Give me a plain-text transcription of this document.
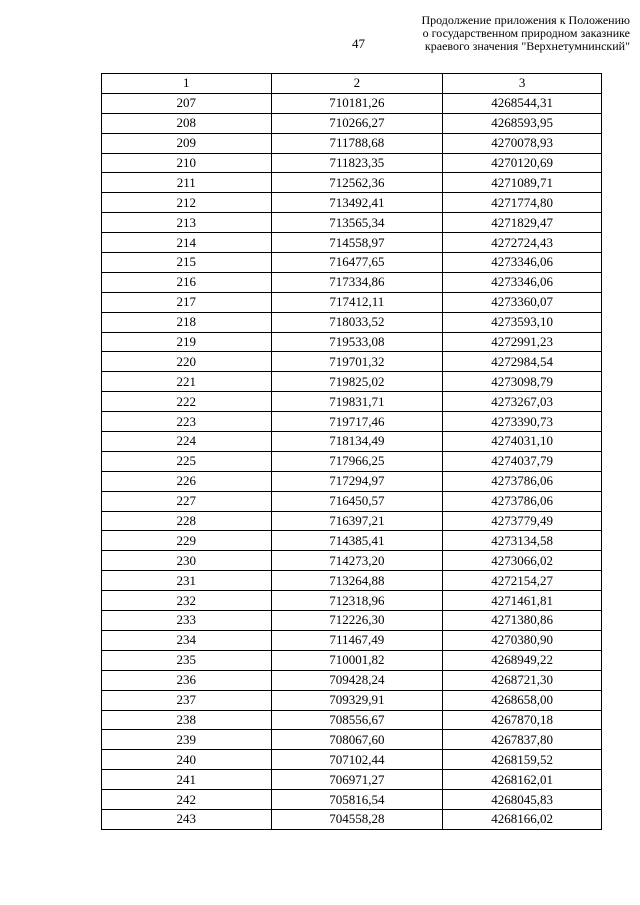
47
Продолжение приложения к Положению
о государственном природном заказнике
краевого значения "Верхнетумнинский"
1	2	3
207	710181,26	4268544,31
208	710266,27	4268593,95
209	711788,68	4270078,93
210	711823,35	4270120,69
211	712562,36	4271089,71
212	713492,41	4271774,80
213	713565,34	4271829,47
214	714558,97	4272724,43
215	716477,65	4273346,06
216	717334,86	4273346,06
217	717412,11	4273360,07
218	718033,52	4273593,10
219	719533,08	4272991,23
220	719701,32	4272984,54
221	719825,02	4273098,79
222	719831,71	4273267,03
223	719717,46	4273390,73
224	718134,49	4274031,10
225	717966,25	4274037,79
226	717294,97	4273786,06
227	716450,57	4273786,06
228	716397,21	4273779,49
229	714385,41	4273134,58
230	714273,20	4273066,02
231	713264,88	4272154,27
232	712318,96	4271461,81
233	712226,30	4271380,86
234	711467,49	4270380,90
235	710001,82	4268949,22
236	709428,24	4268721,30
237	709329,91	4268658,00
238	708556,67	4267870,18
239	708067,60	4267837,80
240	707102,44	4268159,52
241	706971,27	4268162,01
242	705816,54	4268045,83
243	704558,28	4268166,02
